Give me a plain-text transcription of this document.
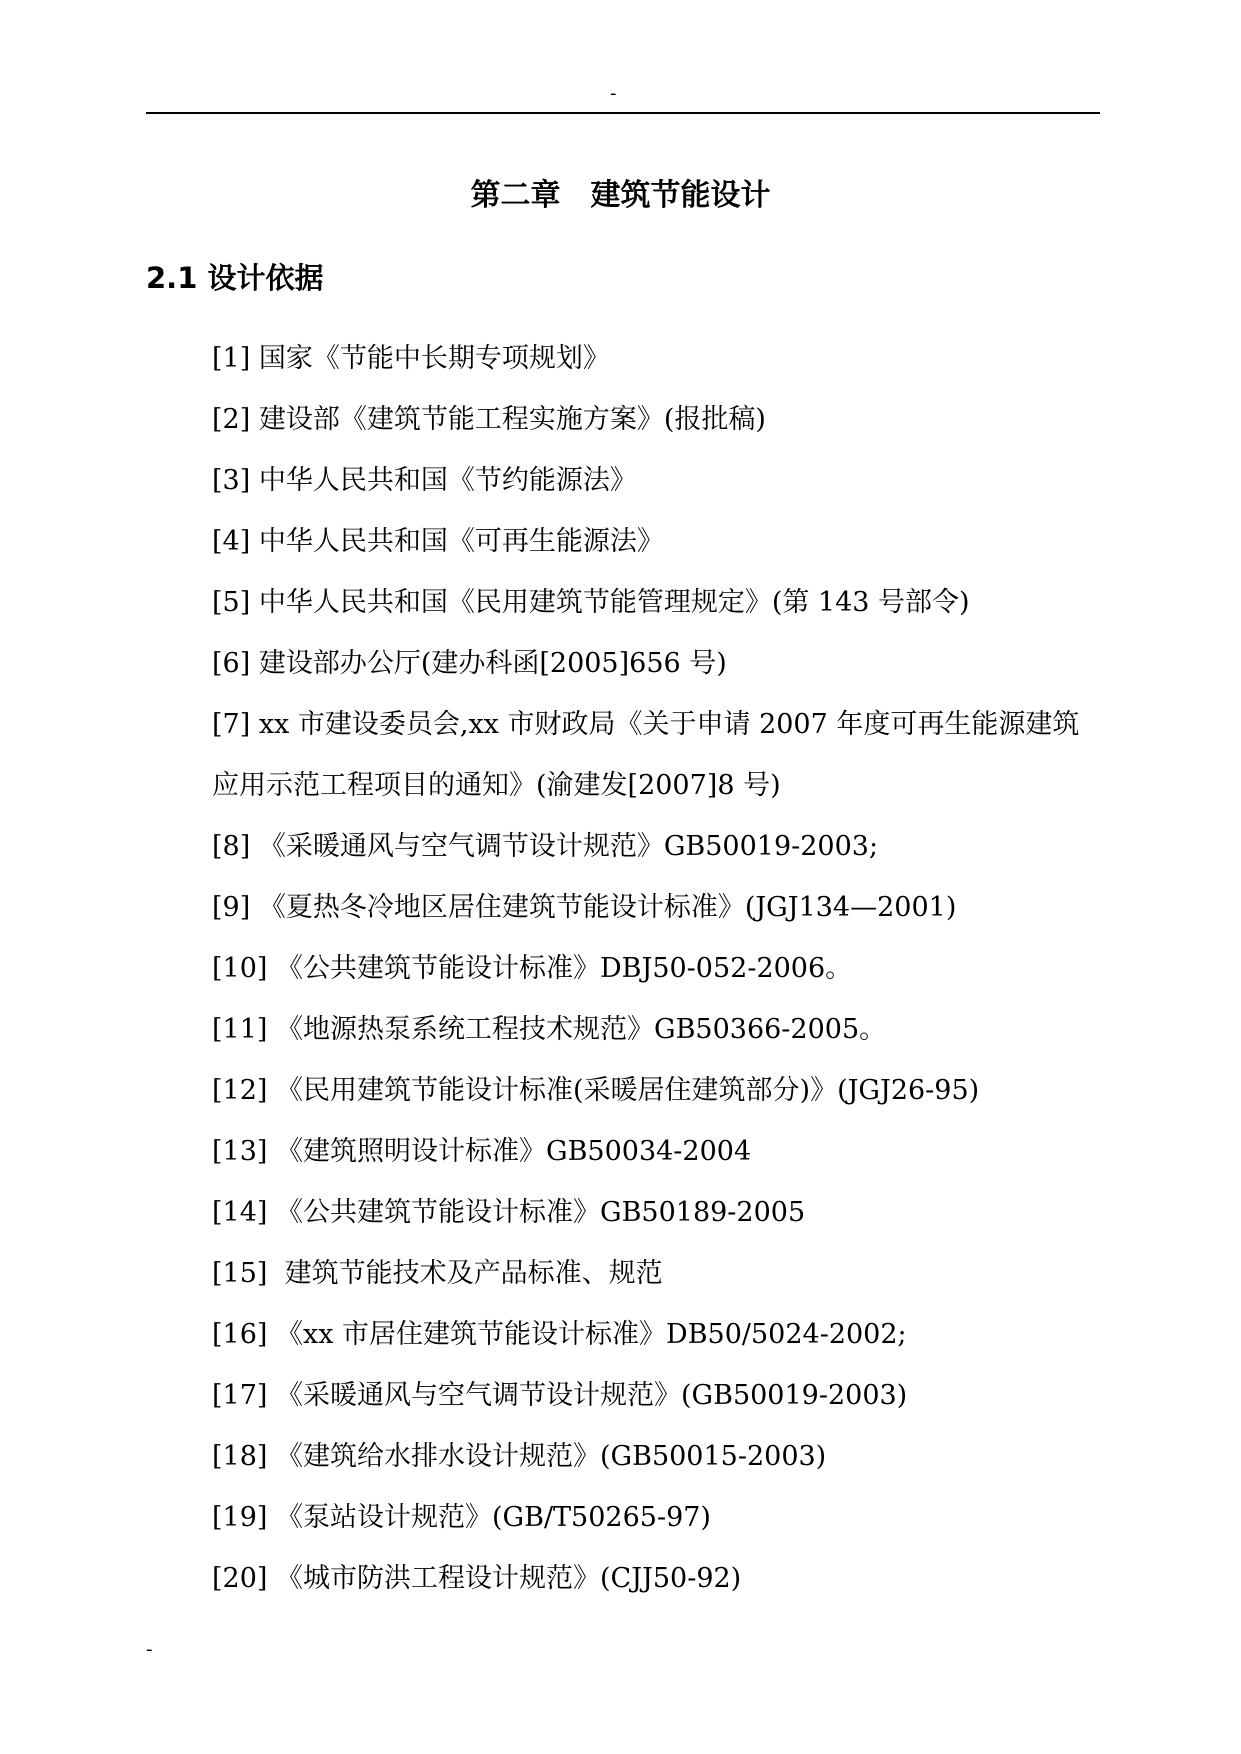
-
第二章　建筑节能设计
2.1 设计依据
[1] 国家《节能中长期专项规划》
[2] 建设部《建筑节能工程实施方案》(报批稿)
[3] 中华人民共和国《节约能源法》
[4] 中华人民共和国《可再生能源法》
[5] 中华人民共和国《民用建筑节能管理规定》(第 143 号部令)
[6] 建设部办公厅(建办科函[2005]656 号)
[7] xx 市建设委员会,xx 市财政局《关于申请 2007 年度可再生能源建筑应用示范工程项目的通知》(渝建发[2007]8 号)
[8] 《采暖通风与空气调节设计规范》GB50019-2003;
[9] 《夏热冬冷地区居住建筑节能设计标准》(JGJ134—2001)
[10] 《公共建筑节能设计标准》DBJ50-052-2006。
[11] 《地源热泵系统工程技术规范》GB50366-2005。
[12] 《民用建筑节能设计标准(采暖居住建筑部分)》(JGJ26-95)
[13] 《建筑照明设计标准》GB50034-2004
[14] 《公共建筑节能设计标准》GB50189-2005
[15]  建筑节能技术及产品标准、规范
[16] 《xx 市居住建筑节能设计标准》DB50/5024-2002;
[17] 《采暖通风与空气调节设计规范》(GB50019-2003)
[18] 《建筑给水排水设计规范》(GB50015-2003)
[19] 《泵站设计规范》(GB/T50265-97)
[20] 《城市防洪工程设计规范》(CJJ50-92)
-
